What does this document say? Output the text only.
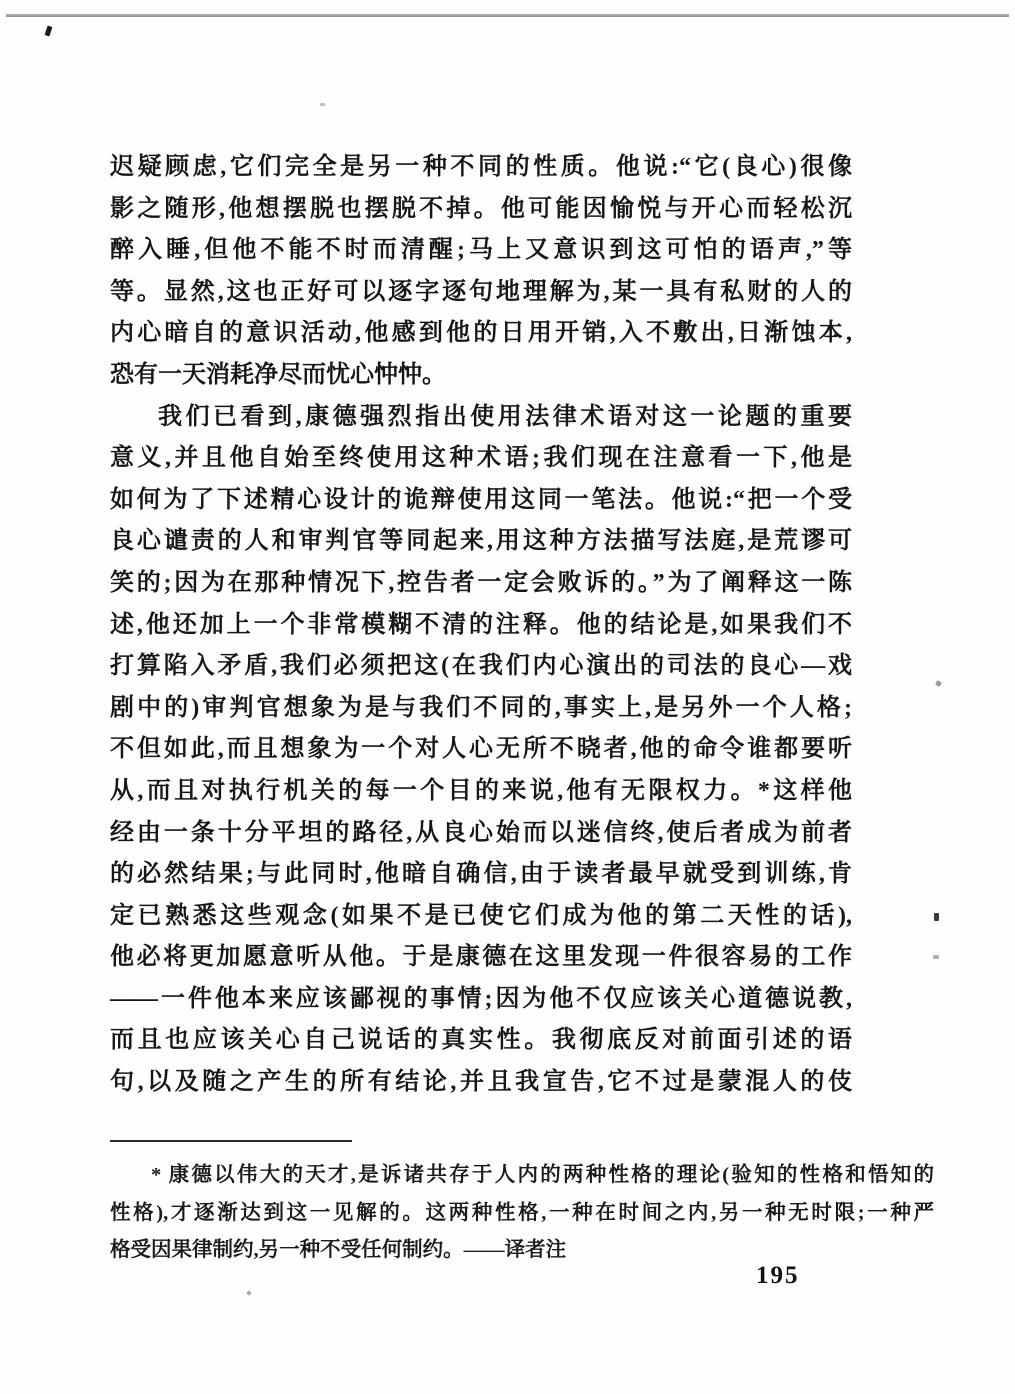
迟疑顾虑,它们完全是另一种不同的性质。他说:“它(良心)很像
影之随形,他想摆脱也摆脱不掉。他可能因愉悦与开心而轻松沉
醉入睡,但他不能不时而清醒;马上又意识到这可怕的语声,”等
等。显然,这也正好可以逐字逐句地理解为,某一具有私财的人的
内心暗自的意识活动,他感到他的日用开销,入不敷出,日渐蚀本,
恐有一天消耗净尽而忧心忡忡。
我们已看到,康德强烈指出使用法律术语对这一论题的重要
意义,并且他自始至终使用这种术语;我们现在注意看一下,他是
如何为了下述精心设计的诡辩使用这同一笔法。他说:“把一个受
良心谴责的人和审判官等同起来,用这种方法描写法庭,是荒谬可
笑的;因为在那种情况下,控告者一定会败诉的。”为了阐释这一陈
述,他还加上一个非常模糊不清的注释。他的结论是,如果我们不
打算陷入矛盾,我们必须把这(在我们内心演出的司法的良心—戏
剧中的)审判官想象为是与我们不同的,事实上,是另外一个人格;
不但如此,而且想象为一个对人心无所不晓者,他的命令谁都要听
从,而且对执行机关的每一个目的来说,他有无限权力。*这样他
经由一条十分平坦的路径,从良心始而以迷信终,使后者成为前者
的必然结果;与此同时,他暗自确信,由于读者最早就受到训练,肯
定已熟悉这些观念(如果不是已使它们成为他的第二天性的话),
他必将更加愿意听从他。于是康德在这里发现一件很容易的工作
——一件他本来应该鄙视的事情;因为他不仅应该关心道德说教,
而且也应该关心自己说话的真实性。我彻底反对前面引述的语
句,以及随之产生的所有结论,并且我宣告,它不过是蒙混人的伎
* 康德以伟大的天才,是诉诸共存于人内的两种性格的理论(验知的性格和悟知的
性格),才逐渐达到这一见解的。这两种性格,一种在时间之内,另一种无时限;一种严
格受因果律制约,另一种不受任何制约。——译者注
195
